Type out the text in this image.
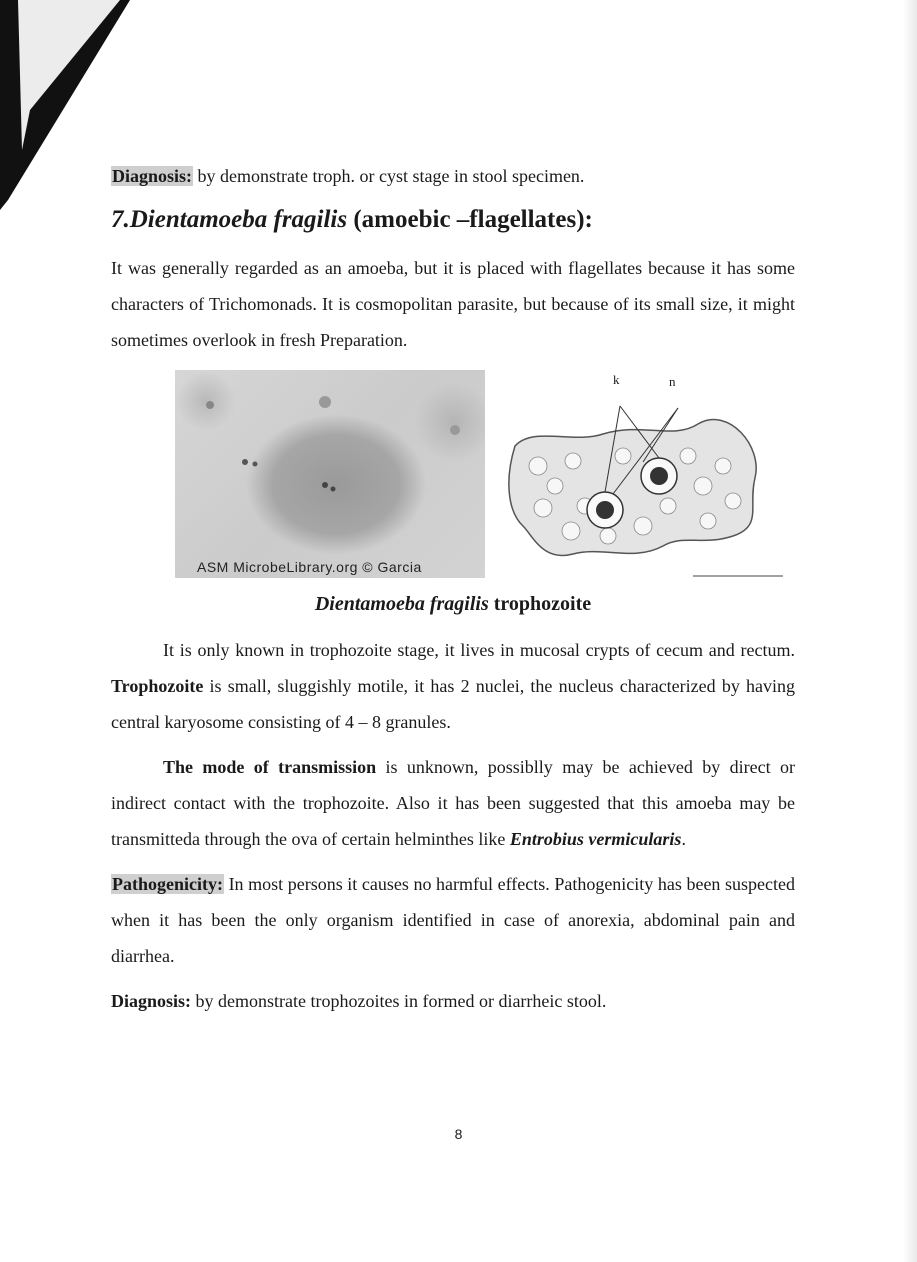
Diagnosis: by demonstrate troph. or cyst stage in stool specimen.

7.Dientamoeba fragilis (amoebic –flagellates):

It was generally regarded as an amoeba, but it is placed with flagellates because it has some characters of Trichomonads. It is cosmopolitan parasite, but because of its small size, it might sometimes overlook in fresh Preparation.

ASM MicrobeLibrary.org © Garcia
k	n

Dientamoeba fragilis trophozoite

It is only known in trophozoite stage, it lives in mucosal crypts of cecum and rectum. Trophozoite is small, sluggishly motile, it has 2 nuclei, the nucleus characterized by having central karyosome consisting of 4 – 8 granules.

The mode of transmission is unknown, possiblly may be achieved by direct or indirect contact with the trophozoite. Also it has been suggested that this amoeba may be transmitteda through the ova of certain helminthes like Entrobius vermicularis.

Pathogenicity: In most persons it causes no harmful effects. Pathogenicity has been suspected when it has been the only organism identified in case of anorexia, abdominal pain and diarrhea.

Diagnosis: by demonstrate trophozoites in formed or diarrheic stool.

8
